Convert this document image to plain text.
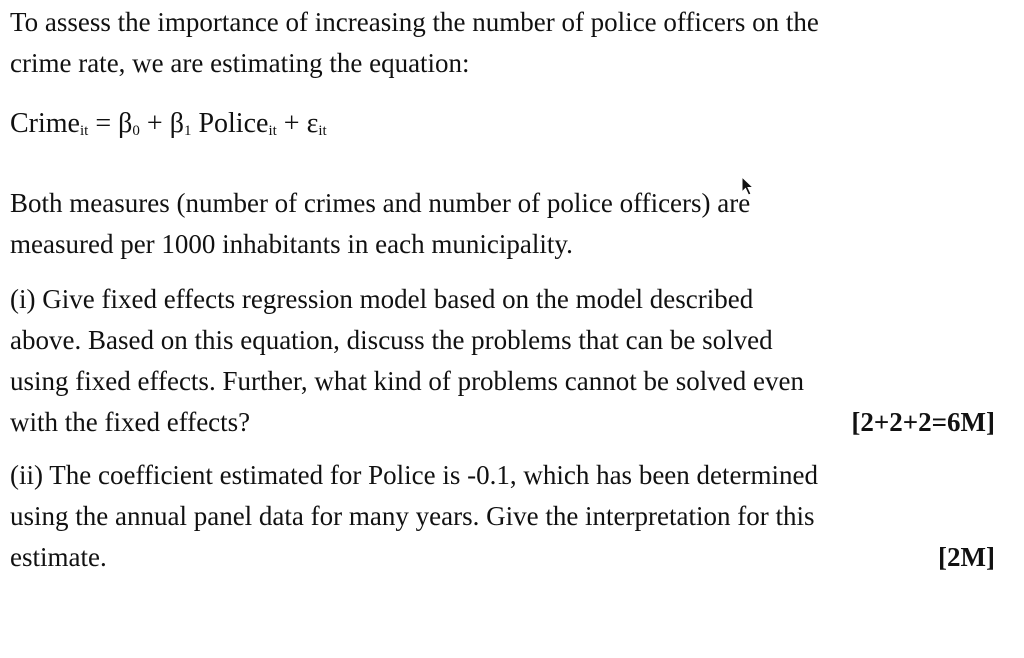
To assess the importance of increasing the number of police officers on the
crime rate, we are estimating the equation:
Crime$_{it}$ = $\beta_0 + \beta_1$ Police$_{it}$ + $\varepsilon_{it}$
Both measures (number of crimes and number of police officers) are
measured per 1000 inhabitants in each municipality.
(i) Give fixed effects regression model based on the model described
above. Based on this equation, discuss the problems that can be solved
using fixed effects. Further, what kind of problems cannot be solved even
with the fixed effects?	[2+2+2=6M]
(ii) The coefficient estimated for Police is -0.1, which has been determined
using the annual panel data for many years. Give the interpretation for this
estimate.	[2M]
